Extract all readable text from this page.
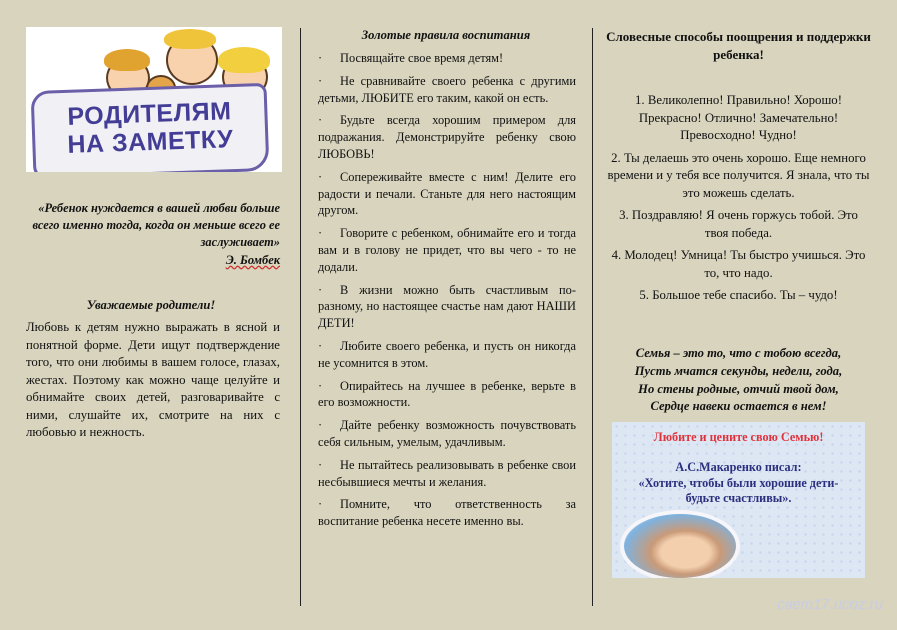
РОДИТЕЛЯМ
НА ЗАМЕТКУ
«Ребенок нуждается в вашей любви больше всего именно тогда, когда он меньше всего ее заслуживает»
Э. Бомбек
Уважаемые родители!
Любовь к детям нужно выражать в ясной и понятной форме. Дети ищут подтверждение того, что они любимы в вашем голосе, глазах, жестах. Поэтому как можно чаще целуйте и обнимайте своих детей, разговаривайте с ними, слушайте их, смотрите на них с любовью и нежность.
Золотые правила воспитания
· Посвящайте свое время детям!
· Не сравнивайте своего ребенка с другими детьми, ЛЮБИТЕ его таким, какой он есть.
· Будьте всегда хорошим примером для подражания. Демонстрируйте ребенку свою ЛЮБОВЬ!
· Сопереживайте вместе с ним! Делите его радости и печали. Станьте для него настоящим другом.
· Говорите с ребенком, обнимайте его и тогда вам и в голову не придет, что вы чего - то не додали.
· В жизни можно быть счастливым по-разному, но настоящее счастье нам дают НАШИ ДЕТИ!
· Любите своего ребенка, и пусть он никогда не усомнится в этом.
· Опирайтесь на лучшее в ребенке, верьте в его возможности.
· Дайте ребенку возможность почувствовать себя сильным, умелым, удачливым.
· Не пытайтесь реализовывать в ребенке свои несбывшиеся мечты и желания.
· Помните, что ответственность за воспитание ребенка несете именно вы.
Словесные способы поощрения и поддержки ребенка!
1. Великолепно! Правильно! Хорошо! Прекрасно! Отлично! Замечательно! Превосходно! Чудно!
2. Ты делаешь это очень хорошо. Еще немного времени и у тебя все получится. Я знала, что ты это можешь сделать.
3. Поздравляю! Я очень горжусь тобой. Это твоя победа.
4. Молодец! Умница! Ты быстро учишься. Это то, что надо.
5. Большое тебе спасибо. Ты – чудо!
Семья – это то, что с тобою всегда,
Пусть мчатся секунды, недели, года,
Но стены родные, отчий твой дом,
Сердце навеки остается в нем!
Любите и цените свою Семью!
А.С.Макаренко писал:
«Хотите, чтобы были хорошие дети- будьте счастливы».
свет17.ucoz.ru
